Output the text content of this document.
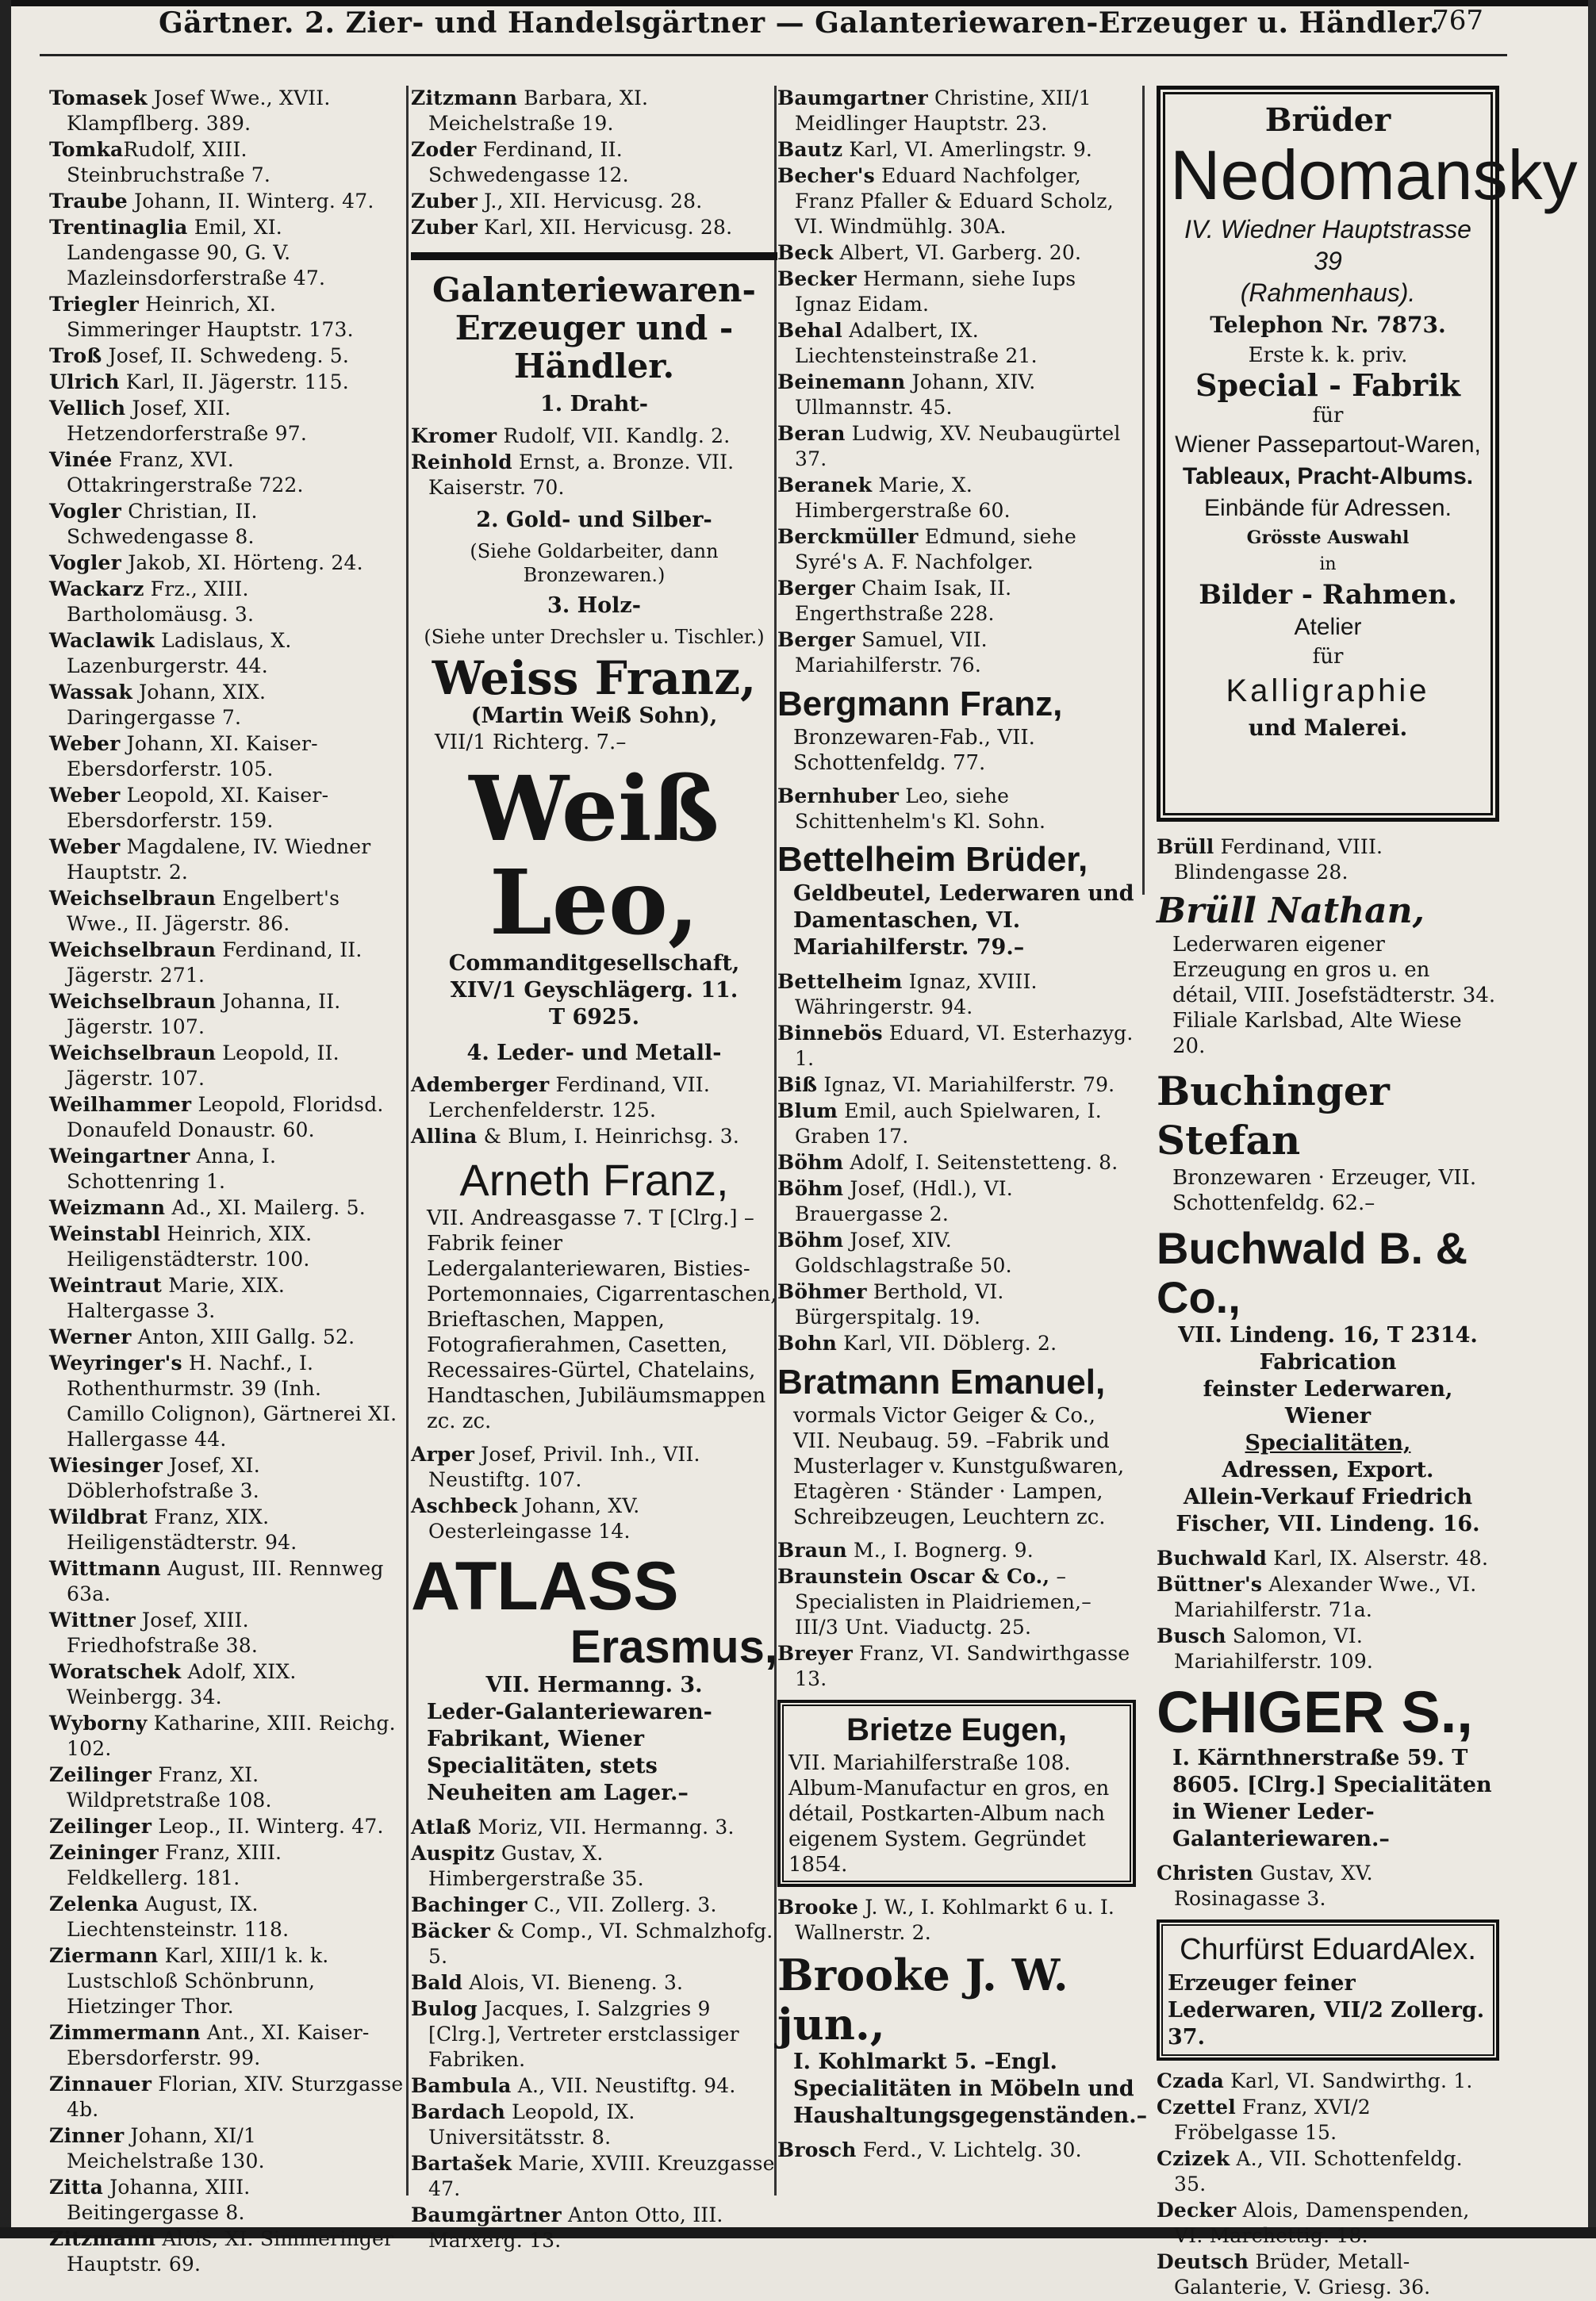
Gärtner. 2. Zier- und Handelsgärtner — Galanteriewaren-Erzeuger u. Händler.
767
Tomasek Josef Wwe., XVII. Klampflberg. 389.
TomkaRudolf, XIII. Steinbruchstraße 7.
Traube Johann, II. Winterg. 47.
Trentinaglia Emil, XI. Landengasse 90, G. V. Mazleinsdorferstraße 47.
Triegler Heinrich, XI. Simmeringer Hauptstr. 173.
Troß Josef, II. Schwedeng. 5.
Ulrich Karl, II. Jägerstr. 115.
Vellich Josef, XII. Hetzendorferstraße 97.
Vinée Franz, XVI. Ottakringerstraße 722.
Vogler Christian, II. Schwedengasse 8.
Vogler Jakob, XI. Hörteng. 24.
Wackarz Frz., XIII. Bartholomäusg. 3.
Waclawik Ladislaus, X. Lazenburgerstr. 44.
Wassak Johann, XIX. Daringergasse 7.
Weber Johann, XI. Kaiser-Ebersdorferstr. 105.
Weber Leopold, XI. Kaiser-Ebersdorferstr. 159.
Weber Magdalene, IV. Wiedner Hauptstr. 2.
Weichselbraun Engelbert's Wwe., II. Jägerstr. 86.
Weichselbraun Ferdinand, II. Jägerstr. 271.
Weichselbraun Johanna, II. Jägerstr. 107.
Weichselbraun Leopold, II. Jägerstr. 107.
Weilhammer Leopold, Floridsd. Donaufeld Donaustr. 60.
Weingartner Anna, I. Schottenring 1.
Weizmann Ad., XI. Mailerg. 5.
Weinstabl Heinrich, XIX. Heiligenstädterstr. 100.
Weintraut Marie, XIX. Haltergasse 3.
Werner Anton, XIII Gallg. 52.
Weyringer's H. Nachf., I. Rothenthurmstr. 39 (Inh. Camillo Colignon), Gärtnerei XI. Hallergasse 44.
Wiesinger Josef, XI. Döblerhofstraße 3.
Wildbrat Franz, XIX. Heiligenstädterstr. 94.
Wittmann August, III. Rennweg 63a.
Wittner Josef, XIII. Friedhofstraße 38.
Woratschek Adolf, XIX. Weinbergg. 34.
Wyborny Katharine, XIII. Reichg. 102.
Zeilinger Franz, XI. Wildpretstraße 108.
Zeilinger Leop., II. Winterg. 47.
Zeininger Franz, XIII. Feldkellerg. 181.
Zelenka August, IX. Liechtensteinstr. 118.
Ziermann Karl, XIII/1 k. k. Lustschloß Schönbrunn, Hietzinger Thor.
Zimmermann Ant., XI. Kaiser-Ebersdorferstr. 99.
Zinnauer Florian, XIV. Sturzgasse 4b.
Zinner Johann, XI/1 Meichelstraße 130.
Zitta Johanna, XIII. Beitingergasse 8.
Zitzmann Alois, XI. Simmeringer Hauptstr. 69.
Zitzmann Barbara, XI. Meichelstraße 19.
Zoder Ferdinand, II. Schwedengasse 12.
Zuber J., XII. Hervicusg. 28.
Zuber Karl, XII. Hervicusg. 28.
Galanteriewaren-
Erzeuger und -Händler.
1. Draht-
Kromer Rudolf, VII. Kandlg. 2.
Reinhold Ernst, a. Bronze. VII. Kaiserstr. 70.
2. Gold- und Silber-
(Siehe Goldarbeiter, dann Bronzewaren.)
3. Holz-
(Siehe unter Drechsler u. Tischler.)
Weiss Franz,
(Martin Weiß Sohn),
VII/1 Richterg. 7.–
Weiß Leo,
Commanditgesellschaft,
XIV/1 Geyschlägerg. 11.
T 6925.
4. Leder- und Metall-
Ademberger Ferdinand, VII. Lerchenfelderstr. 125.
Allina & Blum, I. Heinrichsg. 3.
Arneth Franz,
VII. Andreasgasse 7. T [Clrg.] –Fabrik feiner Ledergalanteriewaren, Bisties-Portemonnaies, Cigarrentaschen, Brieftaschen, Mappen, Fotografierahmen, Casetten, Recessaires-Gürtel, Chatelains, Handtaschen, Jubiläumsmappen zc. zc.
Arper Josef, Privil. Inh., VII. Neustiftg. 107.
Aschbeck Johann, XV. Oesterleingasse 14.
ATLASS
Erasmus,
VII. Hermanng. 3.
Leder-Galanteriewaren-Fabrikant, Wiener Specialitäten, stets Neuheiten am Lager.–
Atlaß Moriz, VII. Hermanng. 3.
Auspitz Gustav, X. Himbergerstraße 35.
Bachinger C., VII. Zollerg. 3.
Bäcker & Comp., VI. Schmalzhofg. 5.
Bald Alois, VI. Bieneng. 3.
Bulog Jacques, I. Salzgries 9 [Clrg.], Vertreter erstclassiger Fabriken.
Bambula A., VII. Neustiftg. 94.
Bardach Leopold, IX. Universitätsstr. 8.
Bartašek Marie, XVIII. Kreuzgasse 47.
Baumgärtner Anton Otto, III. Marxerg. 13.
Baumgartner Christine, XII/1 Meidlinger Hauptstr. 23.
Bautz Karl, VI. Amerlingstr. 9.
Becher's Eduard Nachfolger, Franz Pfaller & Eduard Scholz, VI. Windmühlg. 30A.
Beck Albert, VI. Garberg. 20.
Becker Hermann, siehe Iups Ignaz Eidam.
Behal Adalbert, IX. Liechtensteinstraße 21.
Beinemann Johann, XIV. Ullmannstr. 45.
Beran Ludwig, XV. Neubaugürtel 37.
Beranek Marie, X. Himbergerstraße 60.
Berckmüller Edmund, siehe Syré's A. F. Nachfolger.
Berger Chaim Isak, II. Engerthstraße 228.
Berger Samuel, VII. Mariahilferstr. 76.
Bergmann Franz,
Bronzewaren-Fab., VII. Schottenfeldg. 77.
Bernhuber Leo, siehe Schittenhelm's Kl. Sohn.
Bettelheim Brüder,
Geldbeutel, Lederwaren und Damentaschen, VI. Mariahilferstr. 79.–
Bettelheim Ignaz, XVIII. Währingerstr. 94.
Binnebös Eduard, VI. Esterhazyg. 1.
Biß Ignaz, VI. Mariahilferstr. 79.
Blum Emil, auch Spielwaren, I. Graben 17.
Böhm Adolf, I. Seitenstetteng. 8.
Böhm Josef, (Hdl.), VI. Brauergasse 2.
Böhm Josef, XIV. Goldschlagstraße 50.
Böhmer Berthold, VI. Bürgerspitalg. 19.
Bohn Karl, VII. Döblerg. 2.
Bratmann Emanuel,
vormals Victor Geiger & Co., VII. Neubaug. 59. –Fabrik und Musterlager v. Kunstgußwaren, Etagèren · Ständer · Lampen, Schreibzeugen, Leuchtern zc.
Braun M., I. Bognerg. 9.
Braunstein Oscar & Co., –Specialisten in Plaidriemen,– III/3 Unt. Viaductg. 25.
Breyer Franz, VI. Sandwirthgasse 13.
Brietze Eugen,
VII. Mariahilferstraße 108. Album-Manufactur en gros, en détail, Postkarten-Album nach eigenem System. Gegründet 1854.
Brooke J. W., I. Kohlmarkt 6 u. I. Wallnerstr. 2.
Brooke J. W. jun.,
I. Kohlmarkt 5. –Engl. Specialitäten in Möbeln und Haushaltungsgegenständen.–
Brosch Ferd., V. Lichtelg. 30.
Brüder
Nedomansky
IV. Wiedner Hauptstrasse 39
(Rahmenhaus).
Telephon Nr. 7873.
Erste k. k. priv.
Special - Fabrik
für
Wiener Passepartout-Waren,
Tableaux, Pracht-Albums.
Einbände für Adressen.
Grösste Auswahl
in
Bilder - Rahmen.
Atelier
für
Kalligraphie
und Malerei.
Brüll Ferdinand, VIII. Blindengasse 28.
Brüll Nathan,
Lederwaren eigener Erzeugung en gros u. en détail, VIII. Josefstädterstr. 34. Filiale Karlsbad, Alte Wiese 20.
Buchinger Stefan
Bronzewaren · Erzeuger, VII. Schottenfeldg. 62.–
Buchwald B. & Co.,
VII. Lindeng. 16, T 2314.
Fabrication
feinster Lederwaren,
Wiener
Specialitäten,
Adressen, Export.
Allein-Verkauf Friedrich
Fischer, VII. Lindeng. 16.
Buchwald Karl, IX. Alserstr. 48.
Büttner's Alexander Wwe., VI. Mariahilferstr. 71a.
Busch Salomon, VI. Mariahilferstr. 109.
CHIGER S.,
I. Kärnthnerstraße 59. T 8605. [Clrg.] Specialitäten in Wiener Leder-Galanteriewaren.–
Christen Gustav, XV. Rosinagasse 3.
Churfürst EduardAlex.
Erzeuger feiner Lederwaren, VII/2 Zollerg. 37.
Czada Karl, VI. Sandwirthg. 1.
Czettel Franz, XVI/2 Fröbelgasse 15.
Czizek A., VII. Schottenfeldg. 35.
Decker Alois, Damenspenden, VI. Marchettig. 18.
Deutsch Brüder, Metall-Galanterie, V. Griesg. 36.
